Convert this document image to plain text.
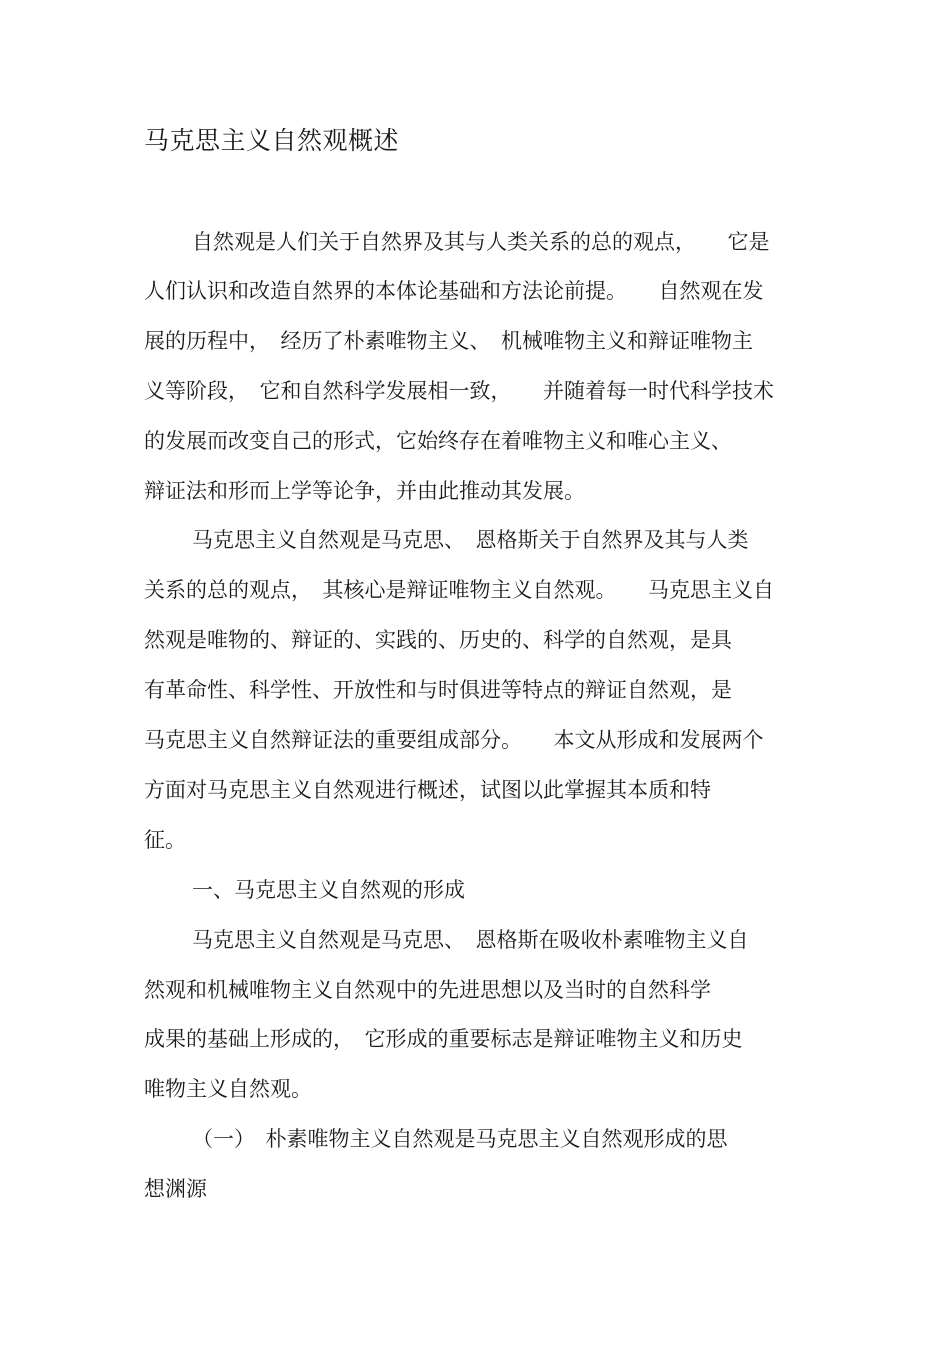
马克思主义自然观概述
自然观是人们关于自然界及其与人类关系的总的观点，　　它是
人们认识和改造自然界的本体论基础和方法论前提。　　自然观在发
展的历程中，　经历了朴素唯物主义、　机械唯物主义和辩证唯物主
义等阶段，　它和自然科学发展相一致，　　并随着每一时代科学技术
的发展而改变自己的形式，它始终存在着唯物主义和唯心主义、
辩证法和形而上学等论争，并由此推动其发展。
马克思主义自然观是马克思、　恩格斯关于自然界及其与人类
关系的总的观点，　其核心是辩证唯物主义自然观。　　马克思主义自
然观是唯物的、辩证的、实践的、历史的、科学的自然观，是具
有革命性、科学性、开放性和与时俱进等特点的辩证自然观，是
马克思主义自然辩证法的重要组成部分。　　本文从形成和发展两个
方面对马克思主义自然观进行概述，试图以此掌握其本质和特
征。
一、马克思主义自然观的形成
马克思主义自然观是马克思、　恩格斯在吸收朴素唯物主义自
然观和机械唯物主义自然观中的先进思想以及当时的自然科学
成果的基础上形成的，　它形成的重要标志是辩证唯物主义和历史
唯物主义自然观。
（一）　朴素唯物主义自然观是马克思主义自然观形成的思
想渊源
